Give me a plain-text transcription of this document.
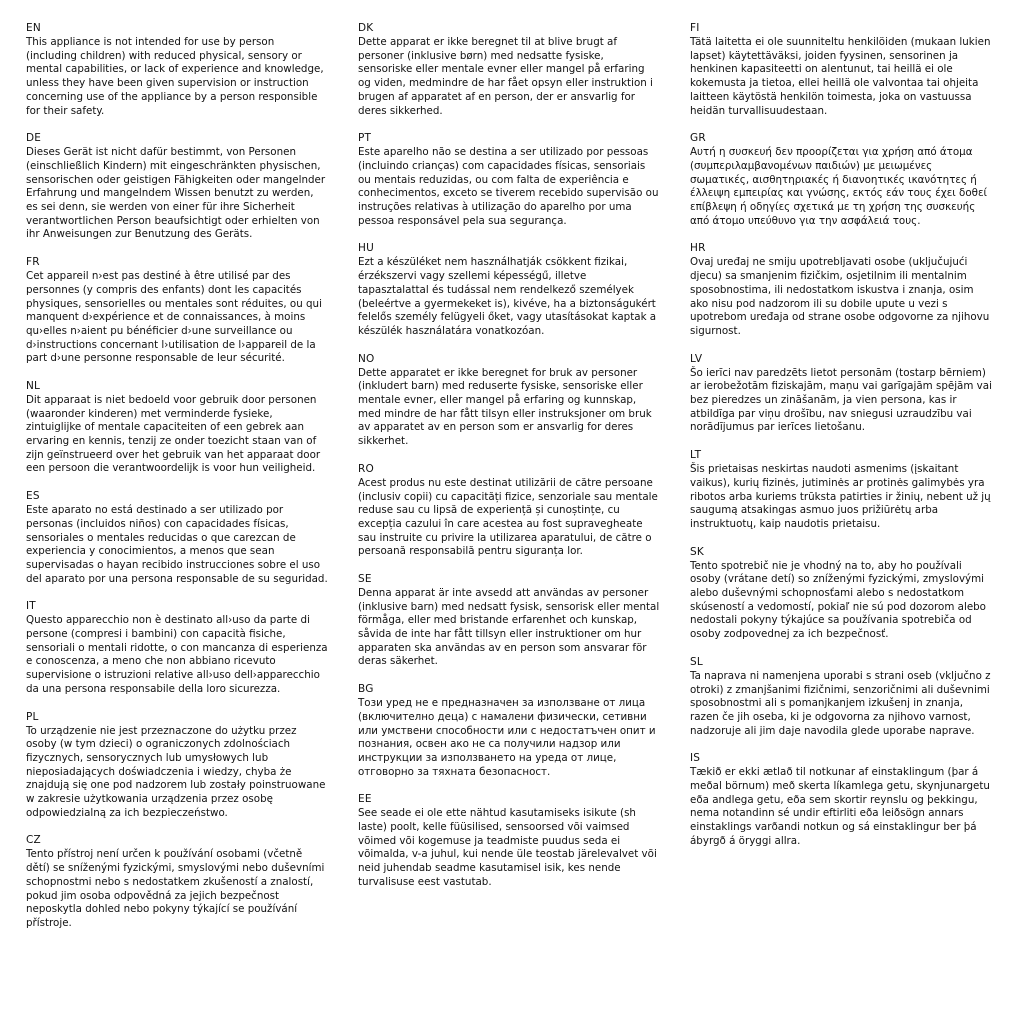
EN
This appliance is not intended for use by person (including children) with reduced physical, sensory or mental capabilities, or lack of experience and knowledge, unless they have been given supervision or instruction concerning use of the appliance by a person responsible for their safety.
DE
Dieses Gerät ist nicht dafür bestimmt, von Personen (einschließlich Kindern) mit eingeschränkten physischen, sensorischen oder geistigen Fähigkeiten oder mangelnder Erfahrung und mangelndem Wissen benutzt zu werden, es sei denn, sie werden von einer für ihre Sicherheit verantwortlichen Person beaufsichtigt oder erhielten von ihr Anweisungen zur Benutzung des Geräts.
FR
Cet appareil n›est pas destiné à être utilisé par des personnes (y compris des enfants) dont les capacités physiques, sensorielles ou mentales sont réduites, ou qui manquent d›expérience et de connaissances, à moins qu›elles n›aient pu bénéficier d›une surveillance ou d›instructions concernant l›utilisation de l›appareil de la part d›une personne responsable de leur sécurité.
NL
Dit apparaat is niet bedoeld voor gebruik door personen (waaronder kinderen) met verminderde fysieke, zintuiglijke of mentale capaciteiten of een gebrek aan ervaring en kennis, tenzij ze onder toezicht staan van of zijn geïnstrueerd over het gebruik van het apparaat door een persoon die verantwoordelijk is voor hun veiligheid.
ES
Este aparato no está destinado a ser utilizado por personas (incluidos niños) con capacidades físicas, sensoriales o mentales reducidas o que carezcan de experiencia y conocimientos, a menos que sean supervisadas o hayan recibido instrucciones sobre el uso del aparato por una persona responsable de su seguridad.
IT
Questo apparecchio non è destinato all›uso da parte di persone (compresi i bambini) con capacità fisiche, sensoriali o mentali ridotte, o con mancanza di esperienza e conoscenza, a meno che non abbiano ricevuto supervisione o istruzioni relative all›uso dell›apparecchio da una persona responsabile della loro sicurezza.
PL
To urządzenie nie jest przeznaczone do użytku przez osoby (w tym dzieci) o ograniczonych zdolnościach fizycznych, sensorycznych lub umysłowych lub nieposiadających doświadczenia i wiedzy, chyba że znajdują się one pod nadzorem lub zostały poinstruowane w zakresie użytkowania urządzenia przez osobę odpowiedzialną za ich bezpieczeństwo.
CZ
Tento přístroj není určen k používání osobami (včetně dětí) se sníženými fyzickými, smyslovými nebo duševními schopnostmi nebo s nedostatkem zkušeností a znalostí, pokud jim osoba odpovědná za jejich bezpečnost neposkytla dohled nebo pokyny týkající se používání přístroje.
DK
Dette apparat er ikke beregnet til at blive brugt af personer (inklusive børn) med nedsatte fysiske, sensoriske eller mentale evner eller mangel på erfaring og viden, medmindre de har fået opsyn eller instruktion i brugen af apparatet af en person, der er ansvarlig for deres sikkerhed.
PT
Este aparelho não se destina a ser utilizado por pessoas (incluindo crianças) com capacidades físicas, sensoriais ou mentais reduzidas, ou com falta de experiência e conhecimentos, exceto se tiverem recebido supervisão ou instruções relativas à utilização do aparelho por uma pessoa responsável pela sua segurança.
HU
Ezt a készüléket nem használhatják csökkent fizikai, érzékszervi vagy szellemi képességű, illetve tapasztalattal és tudással nem rendelkező személyek (beleértve a gyermekeket is), kivéve, ha a biztonságukért felelős személy felügyeli őket, vagy utasításokat kaptak a készülék használatára vonatkozóan.
NO
Dette apparatet er ikke beregnet for bruk av personer (inkludert barn) med reduserte fysiske, sensoriske eller mentale evner, eller mangel på erfaring og kunnskap, med mindre de har fått tilsyn eller instruksjoner om bruk av apparatet av en person som er ansvarlig for deres sikkerhet.
RO
Acest produs nu este destinat utilizării de către persoane (inclusiv copii) cu capacități fizice, senzoriale sau mentale reduse sau cu lipsă de experiență și cunoștințe, cu excepția cazului în care acestea au fost supravegheate sau instruite cu privire la utilizarea aparatului, de către o persoană responsabilă pentru siguranța lor.
SE
Denna apparat är inte avsedd att användas av personer (inklusive barn) med nedsatt fysisk, sensorisk eller mental förmåga, eller med bristande erfarenhet och kunskap, såvida de inte har fått tillsyn eller instruktioner om hur apparaten ska användas av en person som ansvarar för deras säkerhet.
BG
Този уред не е предназначен за използване от лица (включително деца) с намалени физически, сетивни или умствени способности или с недостатъчен опит и познания, освен ако не са получили надзор или инструкции за използването на уреда от лице, отговорно за тяхната безопасност.
EE
See seade ei ole ette nähtud kasutamiseks isikute (sh laste) poolt, kelle füüsilised, sensoorsed või vaimsed võimed või kogemuse ja teadmiste puudus seda ei võimalda, v-a juhul, kui nende üle teostab järelevalvet või neid juhendab seadme kasutamisel isik, kes nende turvalisuse eest vastutab.
FI
Tätä laitetta ei ole suunniteltu henkilöiden (mukaan lukien lapset) käytettäväksi, joiden fyysinen, sensorinen ja henkinen kapasiteetti on alentunut, tai heillä ei ole kokemusta ja tietoa, ellei heillä ole valvontaa tai ohjeita laitteen käytöstä henkilön toimesta, joka on vastuussa heidän turvallisuudestaan.
GR
Αυτή η συσκευή δεν προορίζεται για χρήση από άτομα (συμπεριλαμβανομένων παιδιών) με μειωμένες σωματικές, αισθητηριακές ή διανοητικές ικανότητες ή έλλειψη εμπειρίας και γνώσης, εκτός εάν τους έχει δοθεί επίβλεψη ή οδηγίες σχετικά με τη χρήση της συσκευής από άτομο υπεύθυνο για την ασφάλειά τους.
HR
Ovaj uređaj ne smiju upotrebljavati osobe (uključujući djecu) sa smanjenim fizičkim, osjetilnim ili mentalnim sposobnostima, ili nedostatkom iskustva i znanja, osim ako nisu pod nadzorom ili su dobile upute u vezi s upotrebom uređaja od strane osobe odgovorne za njihovu sigurnost.
LV
Šo ierīci nav paredzēts lietot personām (tostarp bērniem) ar ierobežotām fiziskajām, maņu vai garīgajām spējām vai bez pieredzes un zināšanām, ja vien persona, kas ir atbildīga par viņu drošību, nav sniegusi uzraudzību vai norādījumus par ierīces lietošanu.
LT
Šis prietaisas neskirtas naudoti asmenims (įskaitant vaikus), kurių fizinės, jutiminės ar protinės galimybės yra ribotos arba kuriems trūksta patirties ir žinių, nebent už jų saugumą atsakingas asmuo juos prižiūrėtų arba instruktuotų, kaip naudotis prietaisu.
SK
Tento spotrebič nie je vhodný na to, aby ho používali osoby (vrátane detí) so zníženými fyzickými, zmyslovými alebo duševnými schopnosťami alebo s nedostatkom skúseností a vedomostí, pokiaľ nie sú pod dozorom alebo nedostali pokyny týkajúce sa používania spotrebiča od osoby zodpovednej za ich bezpečnosť.
SL
Ta naprava ni namenjena uporabi s strani oseb (vključno z otroki) z zmanjšanimi fizičnimi, senzoričnimi ali duševnimi sposobnostmi ali s pomanjkanjem izkušenj in znanja, razen če jih oseba, ki je odgovorna za njihovo varnost, nadzoruje ali jim daje navodila glede uporabe naprave.
IS
Tækið er ekki ætlað til notkunar af einstaklingum (þar á meðal börnum) með skerta líkamlega getu, skynjunargetu eða andlega getu, eða sem skortir reynslu og þekkingu, nema notandinn sé undir eftirliti eða leiðsögn annars einstaklings varðandi notkun og sá einstaklingur ber þá ábyrgð á öryggi allra.
